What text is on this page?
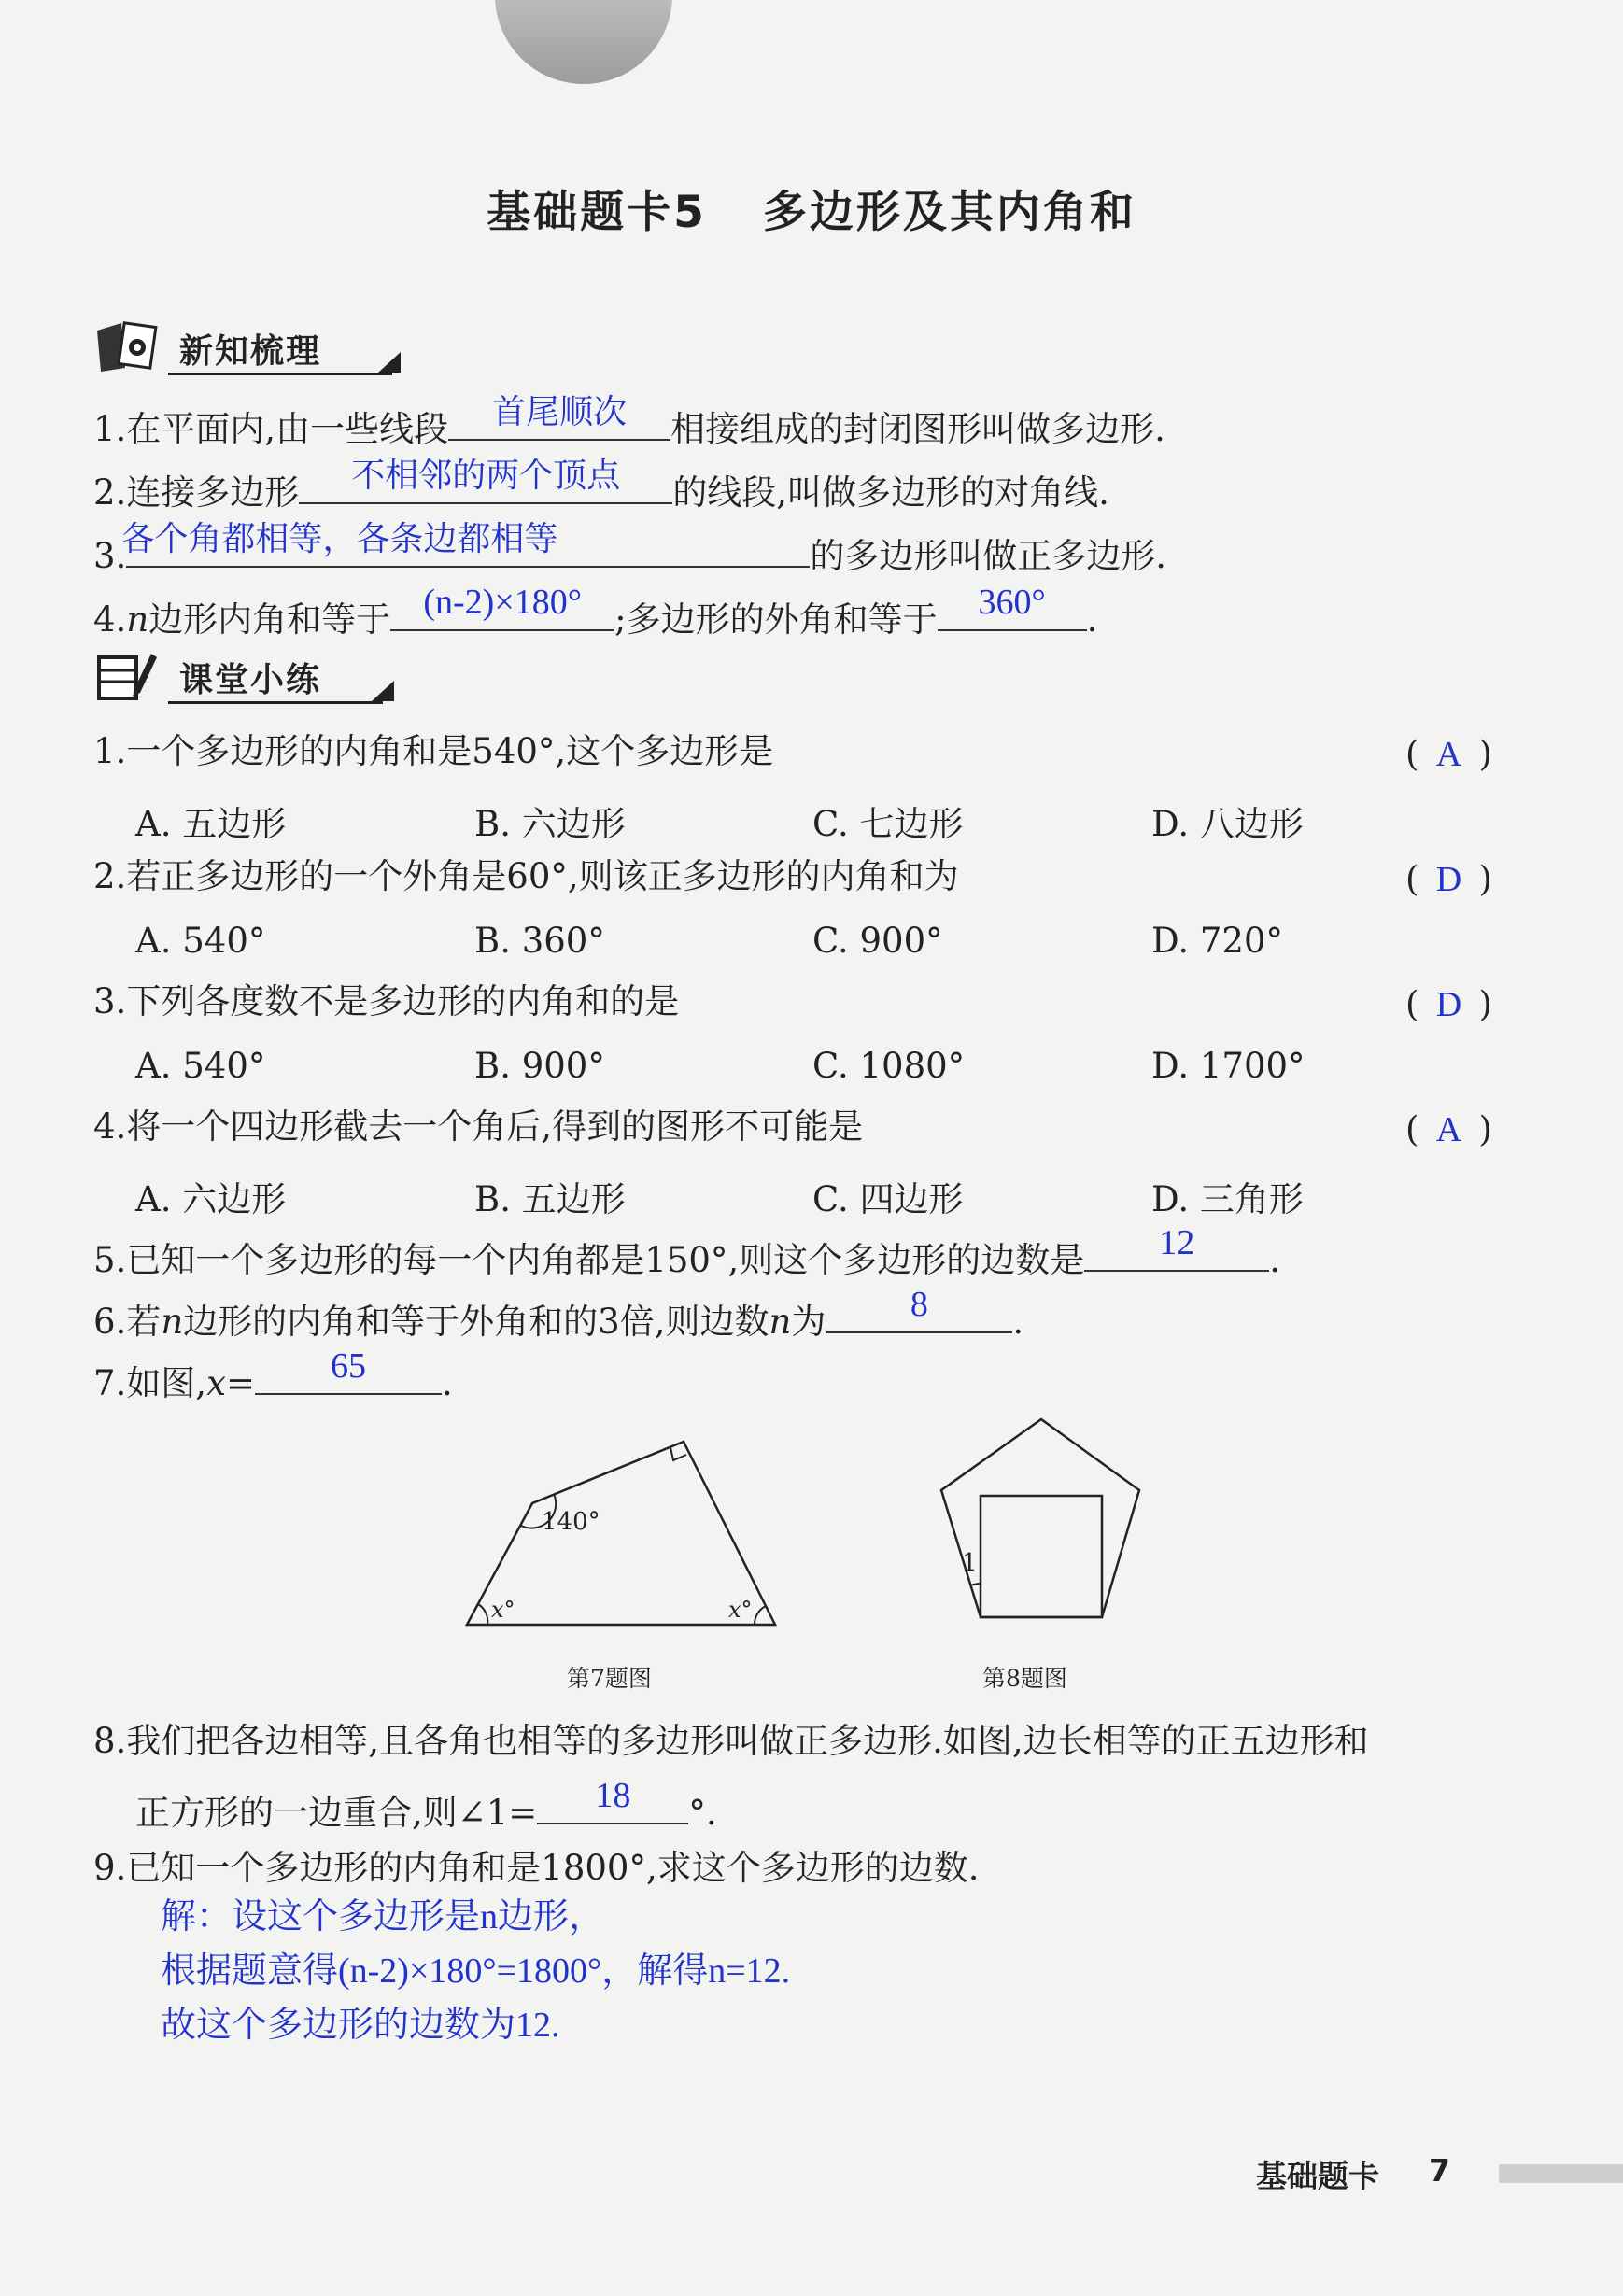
基础题卡5 多边形及其内角和
新知梳理
1.在平面内,由一些线段	首尾顺次	相接组成的封闭图形叫做多边形.
2.连接多边形	不相邻的两个顶点	的线段,叫做多边形的对角线.
3.
各个角都相等，各条边都相等	的多边形叫做正多边形.
4.n边形内角和等于 (n-2)×180° ;多边形的外角和等于	360°	.
课堂小练
1.一个多边形的内角和是540°,这个多边形是	( A )
A. 五边形	B. 六边形	C. 七边形	D. 八边形
2.若正多边形的一个外角是60°,则该正多边形的内角和为	( D )
A. 540°	B. 360°	C. 900°	D. 720°
3.下列各度数不是多边形的内角和的是	( D )
A. 540°	B. 900°	C. 1080°	D. 1700°
4.将一个四边形截去一个角后,得到的图形不可能是	( A )
A. 六边形	B. 五边形	C. 四边形	D. 三角形
5.已知一个多边形的每一个内角都是150°,则这个多边形的边数是	12	.
6.若n边形的内角和等于外角和的3倍,则边数n为	8	.
7.如图,x=	65	.
140°
x°	x°
第7题图
1
第8题图
8.我们把各边相等,且各角也相等的多边形叫做正多边形.如图,边长相等的正五边形和
正方形的一边重合,则∠1=	18	°.
9.已知一个多边形的内角和是1800°,求这个多边形的边数.
解：设这个多边形是n边形，
根据题意得(n-2)×180°=1800°，解得n=12.
故这个多边形的边数为12.
基础题卡 7
